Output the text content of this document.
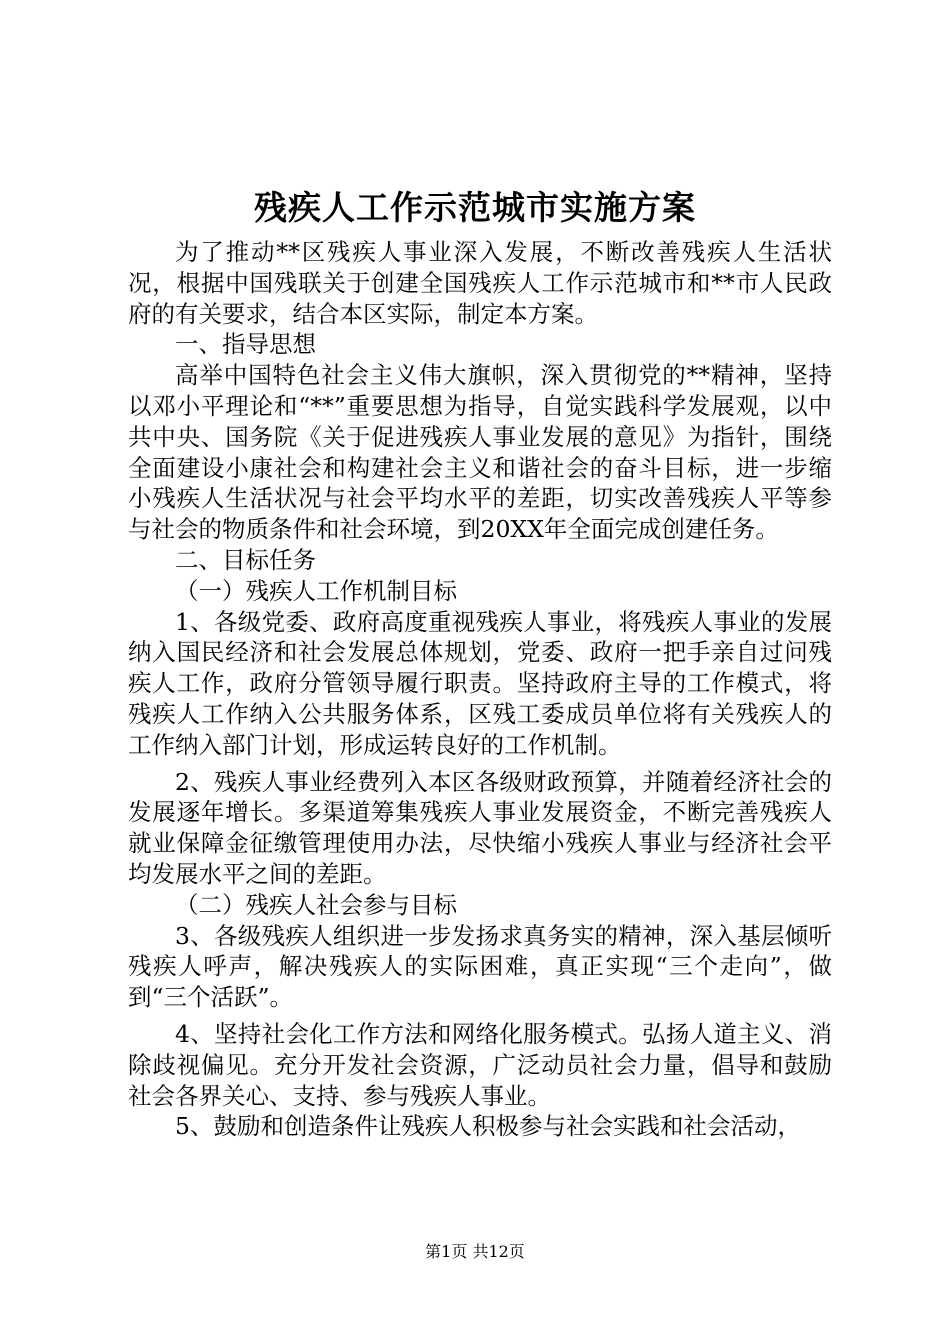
残疾人工作示范城市实施方案

为了推动**区残疾人事业深入发展，不断改善残疾人生活状况，根据中国残联关于创建全国残疾人工作示范城市和**市人民政府的有关要求，结合本区实际，制定本方案。

一、指导思想

高举中国特色社会主义伟大旗帜，深入贯彻党的**精神，坚持以邓小平理论和“**”重要思想为指导，自觉实践科学发展观，以中共中央、国务院《关于促进残疾人事业发展的意见》为指针，围绕全面建设小康社会和构建社会主义和谐社会的奋斗目标，进一步缩小残疾人生活状况与社会平均水平的差距，切实改善残疾人平等参与社会的物质条件和社会环境，到20XX年全面完成创建任务。

二、目标任务

（一）残疾人工作机制目标

1、各级党委、政府高度重视残疾人事业，将残疾人事业的发展纳入国民经济和社会发展总体规划，党委、政府一把手亲自过问残疾人工作，政府分管领导履行职责。坚持政府主导的工作模式，将残疾人工作纳入公共服务体系，区残工委成员单位将有关残疾人的工作纳入部门计划，形成运转良好的工作机制。

2、残疾人事业经费列入本区各级财政预算，并随着经济社会的发展逐年增长。多渠道筹集残疾人事业发展资金，不断完善残疾人就业保障金征缴管理使用办法，尽快缩小残疾人事业与经济社会平均发展水平之间的差距。

（二）残疾人社会参与目标

3、各级残疾人组织进一步发扬求真务实的精神，深入基层倾听残疾人呼声，解决残疾人的实际困难，真正实现“三个走向”，做到“三个活跃”。

4、坚持社会化工作方法和网络化服务模式。弘扬人道主义、消除歧视偏见。充分开发社会资源，广泛动员社会力量，倡导和鼓励社会各界关心、支持、参与残疾人事业。

5、鼓励和创造条件让残疾人积极参与社会实践和社会活动，

第1页 共12页
